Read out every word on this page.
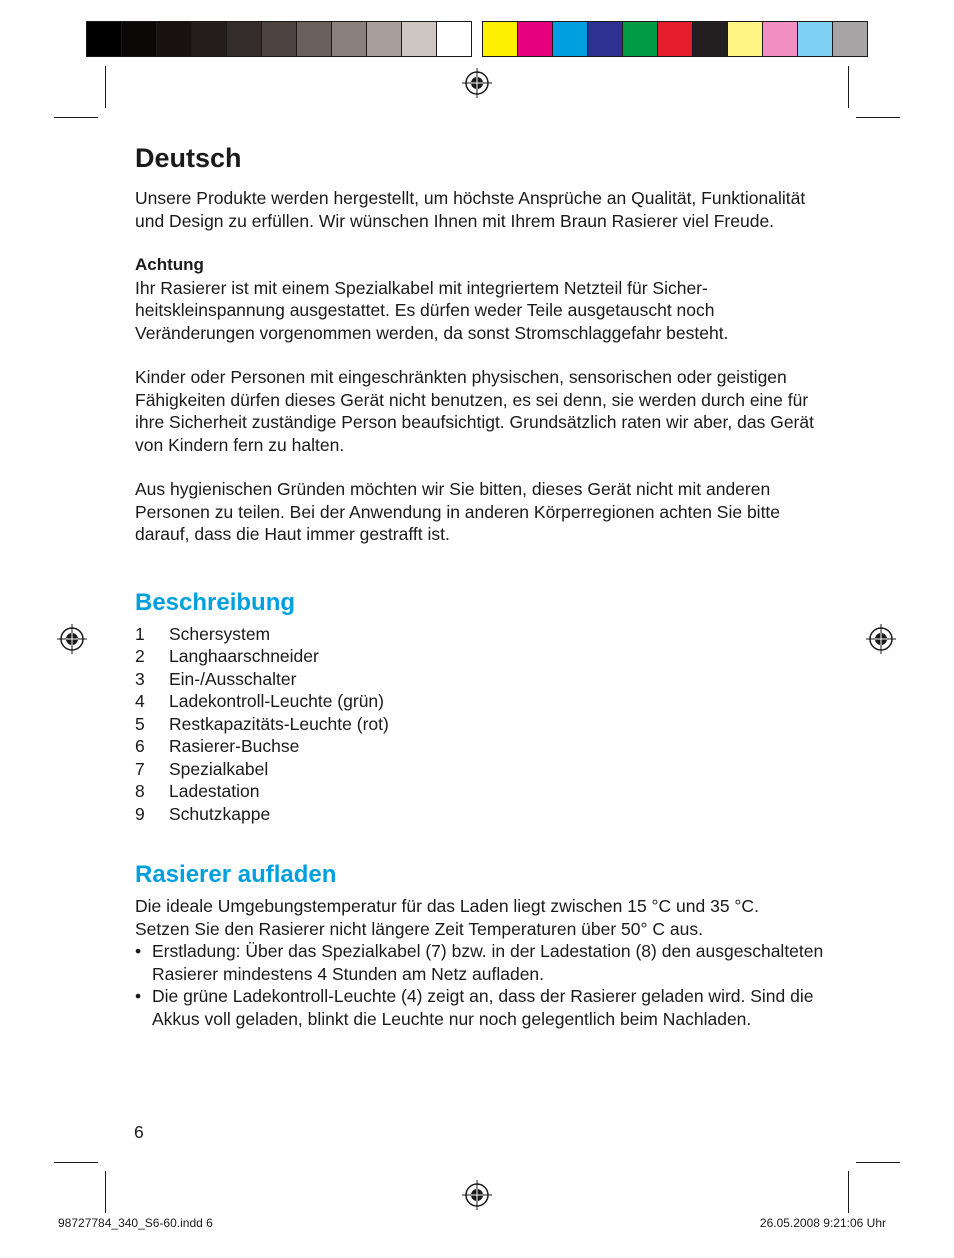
Deutsch

Unsere Produkte werden hergestellt, um höchste Ansprüche an Qualität, Funktionalität und Design zu erfüllen. Wir wünschen Ihnen mit Ihrem Braun Rasierer viel Freude.

Achtung

Ihr Rasierer ist mit einem Spezialkabel mit integriertem Netzteil für Sicher-heitskleinspannung ausgestattet. Es dürfen weder Teile ausgetauscht noch Veränderungen vorgenommen werden, da sonst Stromschlaggefahr besteht.

Kinder oder Personen mit eingeschränkten physischen, sensorischen oder geistigen Fähigkeiten dürfen dieses Gerät nicht benutzen, es sei denn, sie werden durch eine für ihre Sicherheit zuständige Person beaufsichtigt. Grundsätzlich raten wir aber, das Gerät von Kindern fern zu halten.

Aus hygienischen Gründen möchten wir Sie bitten, dieses Gerät nicht mit anderen Personen zu teilen. Bei der Anwendung in anderen Körperregionen achten Sie bitte darauf, dass die Haut immer gestrafft ist.

Beschreibung
1	Schersystem
2	Langhaarschneider
3	Ein-/Ausschalter
4	Ladekontroll-Leuchte (grün)
5	Restkapazitäts-Leuchte (rot)
6	Rasierer-Buchse
7	Spezialkabel
8	Ladestation
9	Schutzkappe
Rasierer aufladen

Die ideale Umgebungstemperatur für das Laden liegt zwischen 15 °C und 35 °C.

Setzen Sie den Rasierer nicht längere Zeit Temperaturen über 50° C aus.

• Erstladung: Über das Spezialkabel (7) bzw. in der Ladestation (8) den ausgeschalteten Rasierer mindestens 4 Stunden am Netz aufladen.
• Die grüne Ladekontroll-Leuchte (4) zeigt an, dass der Rasierer geladen wird. Sind die Akkus voll geladen, blinkt die Leuchte nur noch gelegentlich beim Nachladen.
6
98727784_340_S6-60.indd 6	26.05.2008 9:21:06 Uhr
